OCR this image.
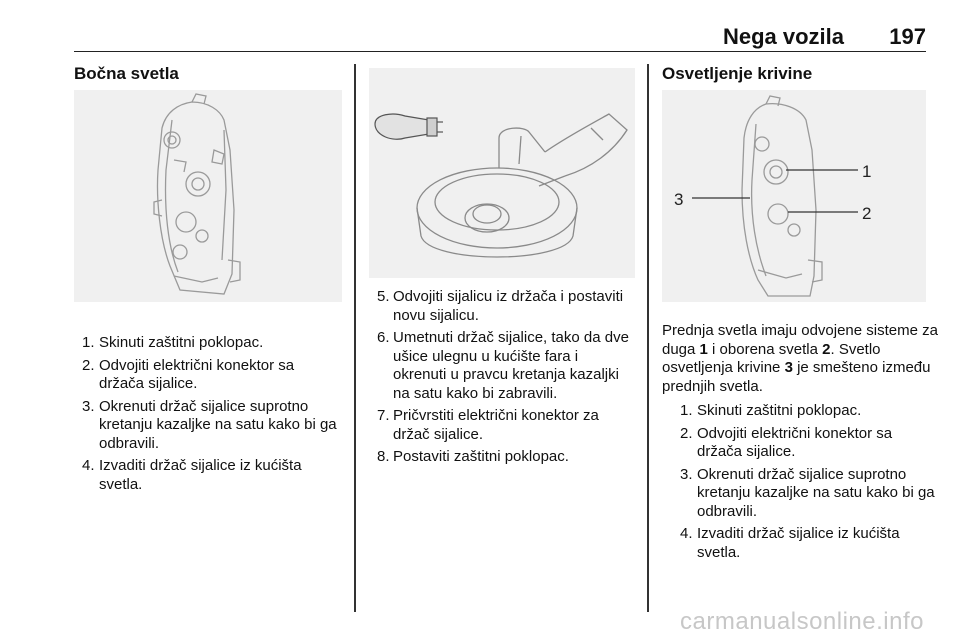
Nega vozila 197
Bočna svetla
1. Skinuti zaštitni poklopac.
2. Odvojiti električni konektor sa držača sijalice.
3. Okrenuti držač sijalice suprotno kretanju kazaljke na satu kako bi ga odbravili.
4. Izvaditi držač sijalice iz kućišta svetla.
5. Odvojiti sijalicu iz držača i postaviti novu sijalicu.
6. Umetnuti držač sijalice, tako da dve ušice ulegnu u kućište fara i okrenuti u pravcu kretanja kazaljki na satu kako bi zabravili.
7. Pričvrstiti električni konektor za držač sijalice.
8. Postaviti zaštitni poklopac.
Osvetljenje krivine
1
2
3

Prednja svetla imaju odvojene sisteme za duga 1 i oborena svetla 2. Svetlo osvetljenja krivine 3 je smešteno između prednjih svetla.

1. Skinuti zaštitni poklopac.
2. Odvojiti električni konektor sa držača sijalice.
3. Okrenuti držač sijalice suprotno kretanju kazaljke na satu kako bi ga odbravili.
4. Izvaditi držač sijalice iz kućišta svetla.
carmanualsonline.info
